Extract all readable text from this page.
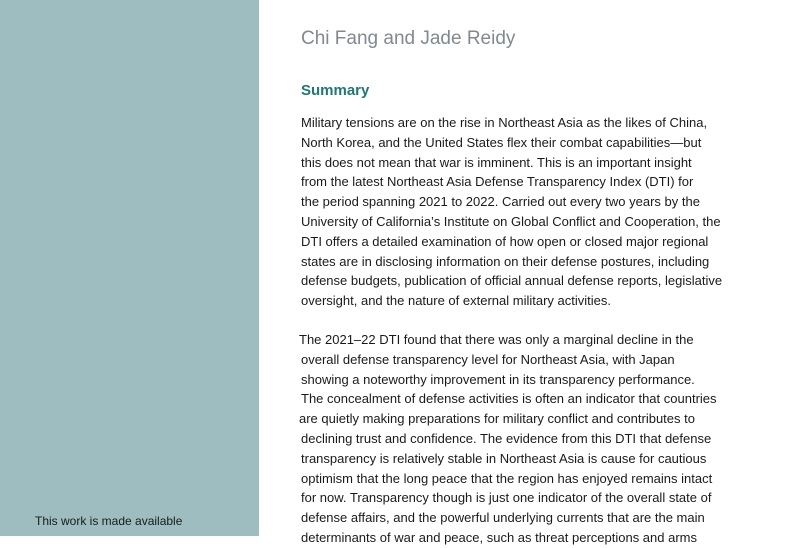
This work is made available
Chi Fang and Jade Reidy
Summary
Military tensions are on the rise in Northeast Asia as the likes of China,
North Korea, and the United States flex their combat capabilities—but
this does not mean that war is imminent. This is an important insight
from the latest Northeast Asia Defense Transparency Index (DTI) for
the period spanning 2021 to 2022. Carried out every two years by the
University of California’s Institute on Global Conflict and Cooperation, the
DTI offers a detailed examination of how open or closed major regional
states are in disclosing information on their defense postures, including
defense budgets, publication of official annual defense reports, legislative
oversight, and the nature of external military activities.
The 2021–22 DTI found that there was only a marginal decline in the
overall defense transparency level for Northeast Asia, with Japan
showing a noteworthy improvement in its transparency performance.
The concealment of defense activities is often an indicator that countries
are quietly making preparations for military conflict and contributes to
declining trust and confidence. The evidence from this DTI that defense
transparency is relatively stable in Northeast Asia is cause for cautious
optimism that the long peace that the region has enjoyed remains intact
for now. Transparency though is just one indicator of the overall state of
defense affairs, and the powerful underlying currents that are the main
determinants of war and peace, such as threat perceptions and arms
